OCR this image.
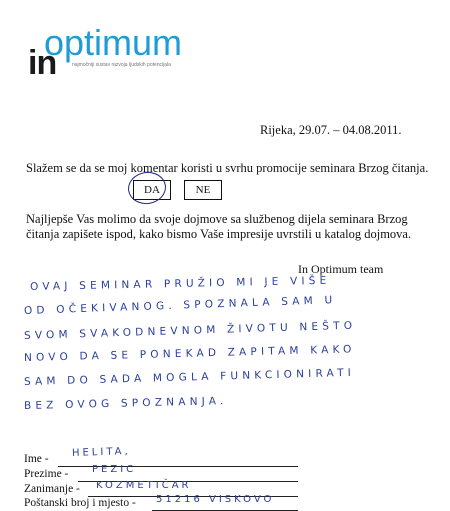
optimum
in	najmočniji sustav razvoja ljudskih potencijala
Rijeka, 29.07. – 04.08.2011.
Slažem se da se moj komentar koristi u svrhu promocije seminara Brzog čitanja.
DA	NE
Najljepše Vas molimo da svoje dojmove sa službenog dijela seminara Brzog
čitanja zapišete ispod, kako bismo Vaše impresije uvrstili u katalog dojmova.
In Optimum team
OVAJ SEMINAR PRUŽIO MI JE VIŠE
OD OČEKIVANOG. SPOZNALA SAM U
SVOM SVAKODNEVNOM ŽIVOTU NEŠTO
NOVO DA SE PONEKAD ZAPITAM KAKO
SAM DO SADA MOGLA FUNKCIONIRATI
BEZ OVOG SPOZNANJA.
Ime - HELITA,
Prezime - PEZIC
Zanimanje - KOZMETIČAR
Poštanski broj i mjesto - 51216 VISKOVO
